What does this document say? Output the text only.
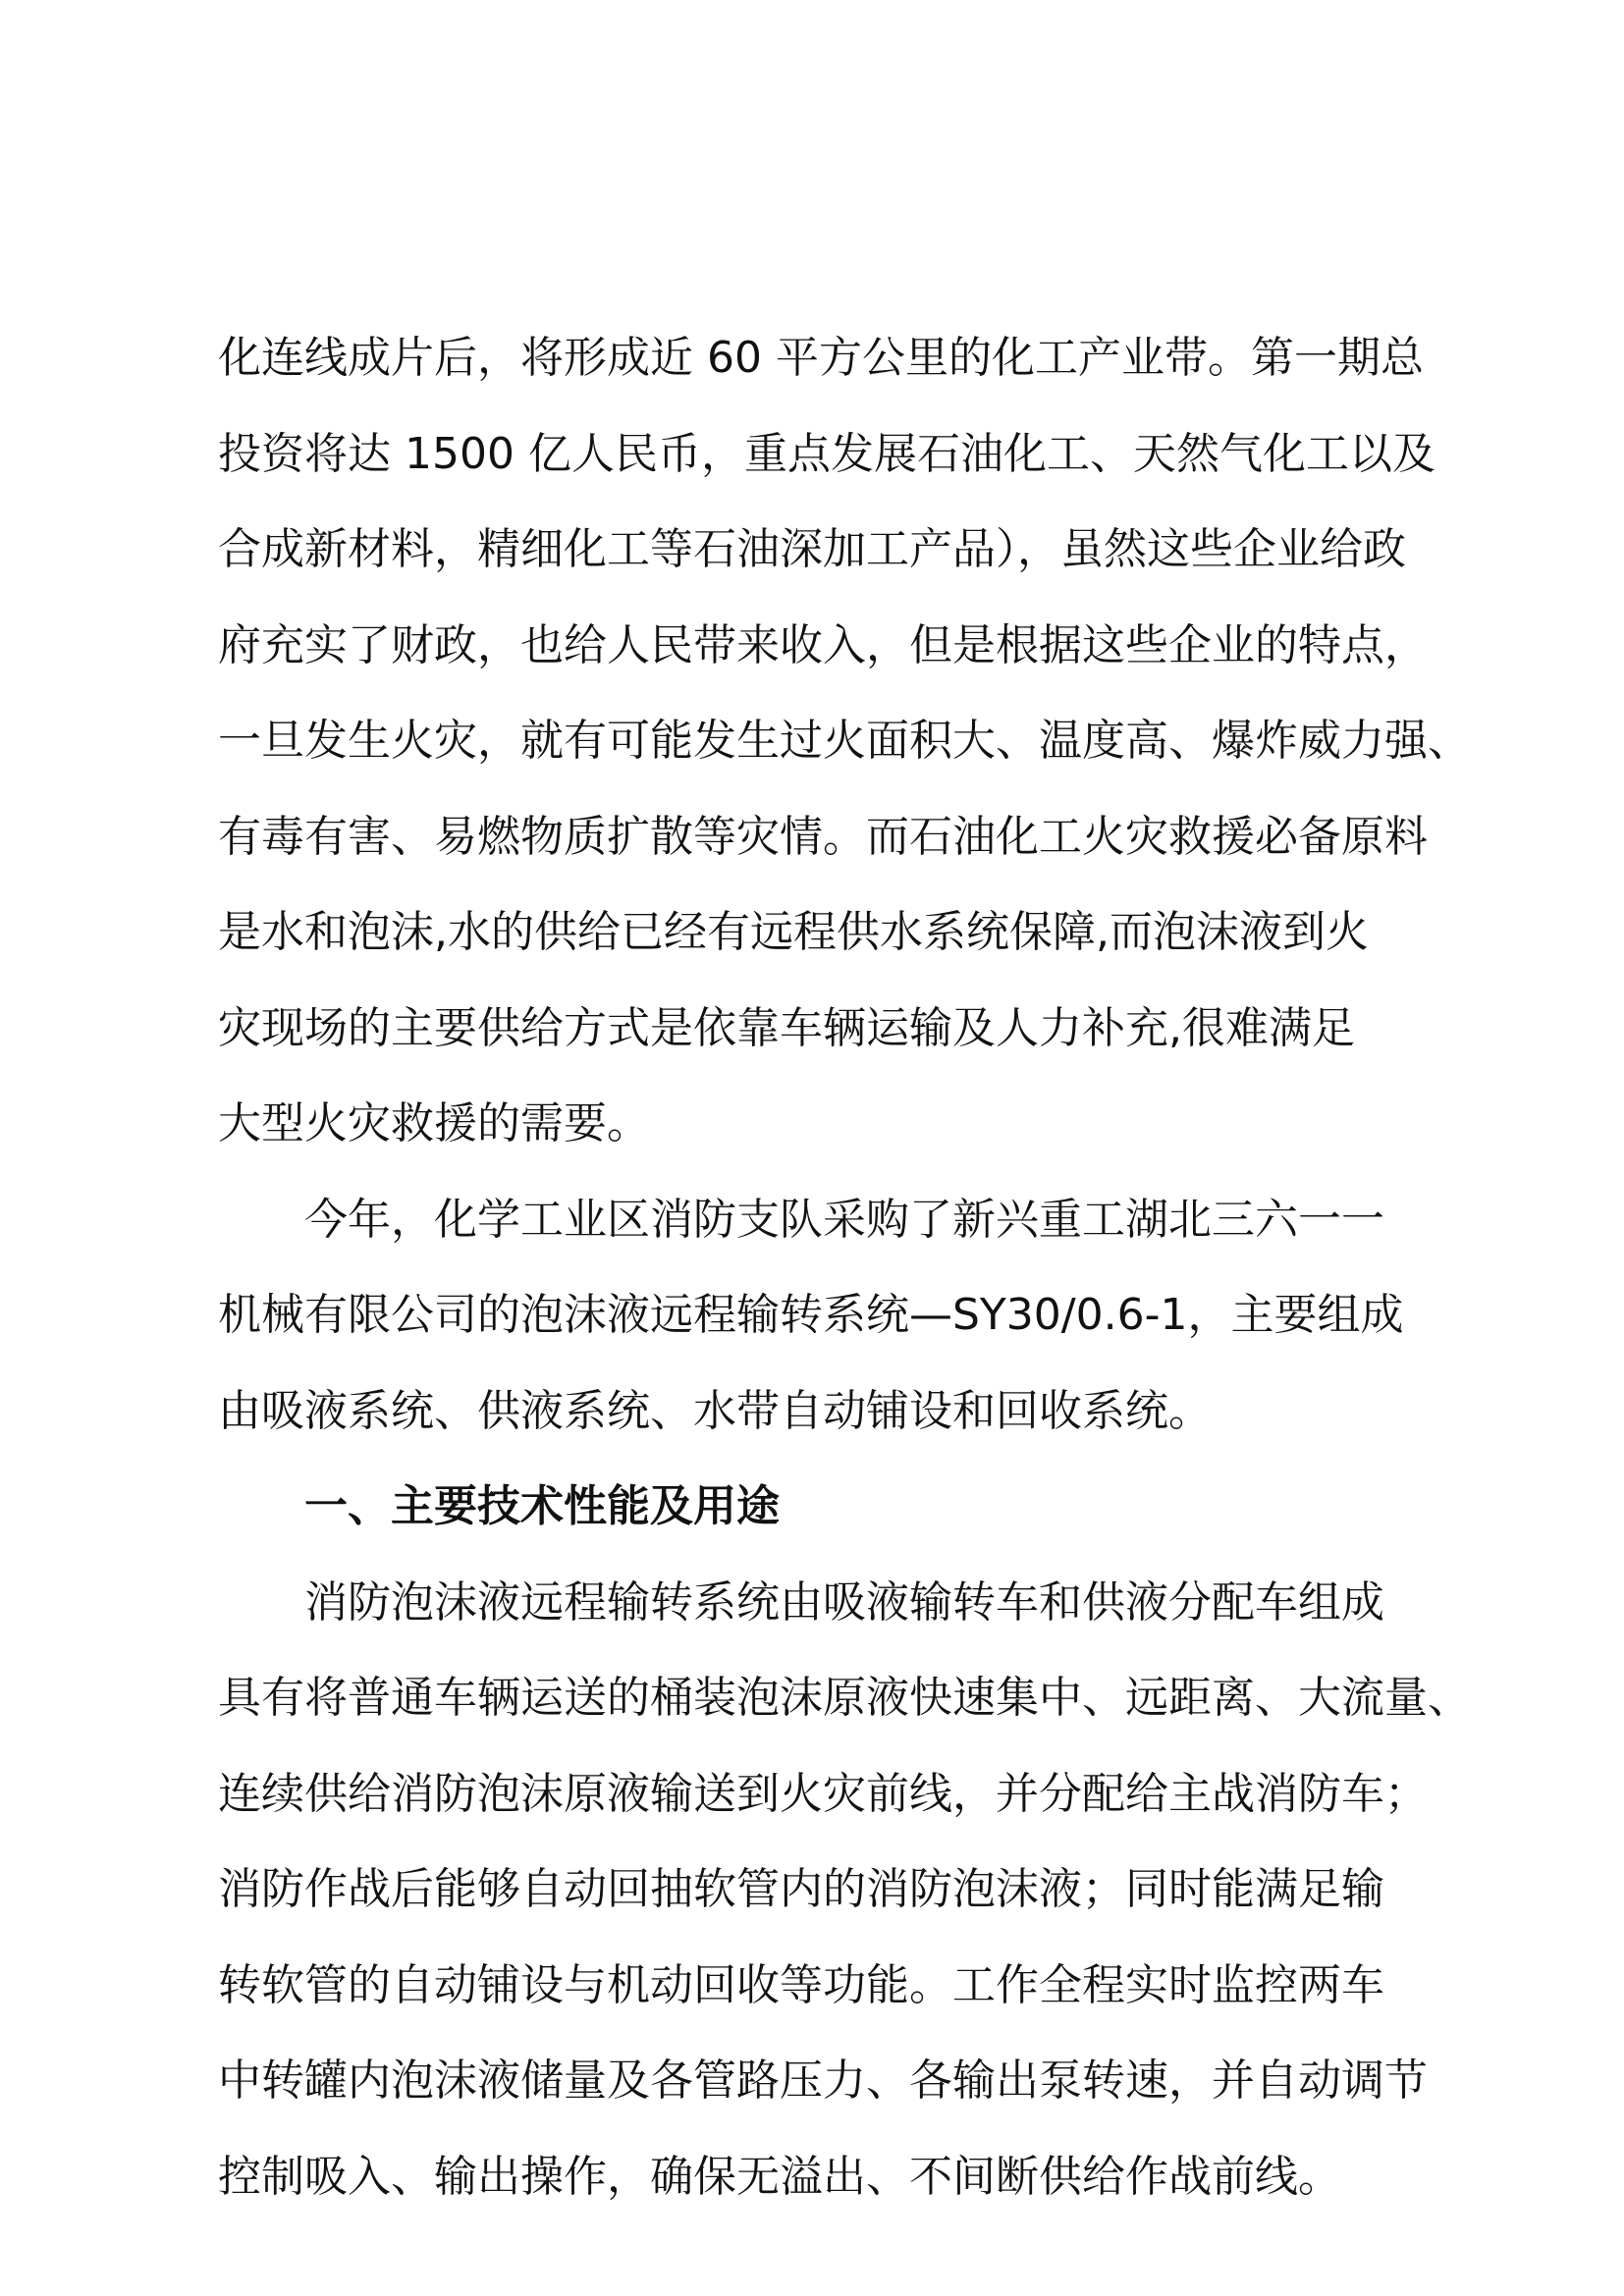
化连线成片后，将形成近 60 平方公里的化工产业带。第一期总
投资将达 1500 亿人民币，重点发展石油化工、天然气化工以及
合成新材料，精细化工等石油深加工产品），虽然这些企业给政
府充实了财政，也给人民带来收入，但是根据这些企业的特点，
一旦发生火灾，就有可能发生过火面积大、温度高、爆炸威力强、
有毒有害、易燃物质扩散等灾情。而石油化工火灾救援必备原料
是水和泡沫,水的供给已经有远程供水系统保障,而泡沫液到火
灾现场的主要供给方式是依靠车辆运输及人力补充,很难满足
大型火灾救援的需要。
今年，化学工业区消防支队采购了新兴重工湖北三六一一
机械有限公司的泡沫液远程输转系统—SY30/0.6-1，主要组成
由吸液系统、供液系统、水带自动铺设和回收系统。
一、主要技术性能及用途
消防泡沫液远程输转系统由吸液输转车和供液分配车组成
具有将普通车辆运送的桶装泡沫原液快速集中、远距离、大流量、
连续供给消防泡沫原液输送到火灾前线，并分配给主战消防车；
消防作战后能够自动回抽软管内的消防泡沫液；同时能满足输
转软管的自动铺设与机动回收等功能。工作全程实时监控两车
中转罐内泡沫液储量及各管路压力、各输出泵转速，并自动调节
控制吸入、输出操作，确保无溢出、不间断供给作战前线。
